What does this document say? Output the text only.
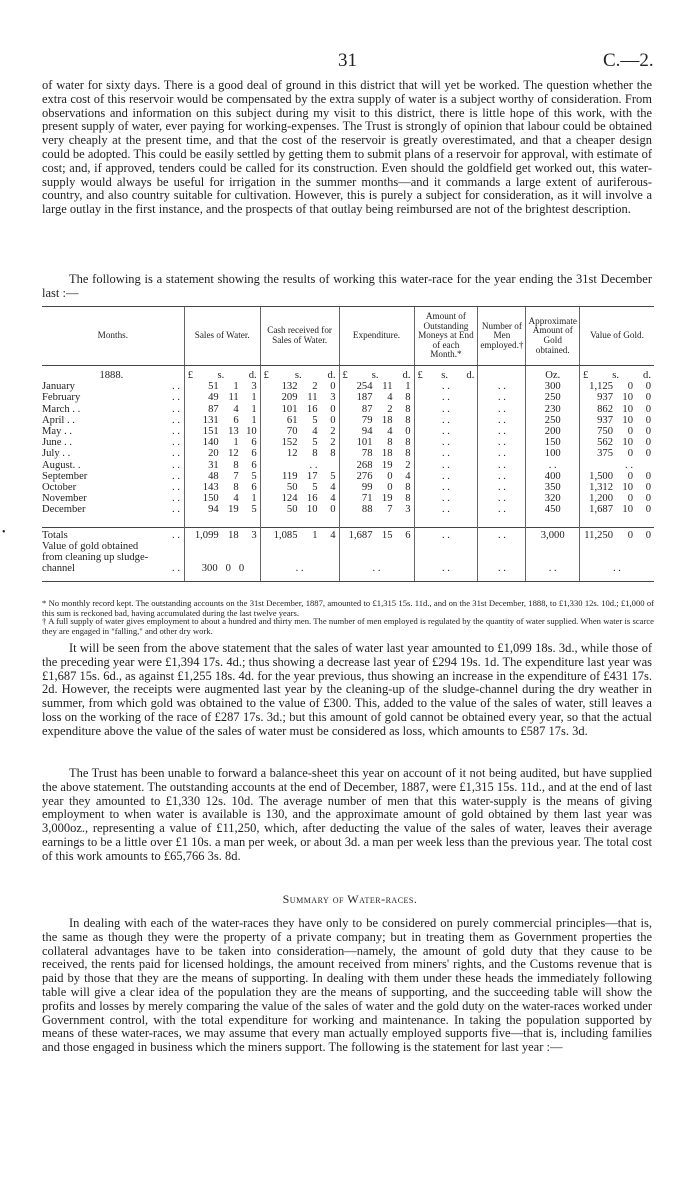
31	C.—2.
of water for sixty days. There is a good deal of ground in this district that will yet be worked. The question whether the extra cost of this reservoir would be compensated by the extra supply of water is a subject worthy of consideration. From observations and information on this subject during my visit to this district, there is little hope of this work, with the present supply of water, ever paying for working-expenses. The Trust is strongly of opinion that labour could be obtained very cheaply at the present time, and that the cost of the reservoir is greatly overestimated, and that a cheaper design could be adopted. This could be easily settled by getting them to submit plans of a reservoir for approval, with estimate of cost; and, if approved, tenders could be called for its construction. Even should the goldfield get worked out, this water-supply would always be useful for irrigation in the summer months—and it commands a large extent of auriferous-country, and also country suitable for cultivation. However, this is purely a subject for consideration, as it will involve a large outlay in the first instance, and the prospects of that outlay being reimbursed are not of the brightest description.
The following is a statement showing the results of working this water-race for the year ending the 31st December last :—
Months.	Sales of Water.	Cash received for Sales of Water.	Expenditure.	Amount of Outstanding Moneys at End of each Month.*	Number of Men employed.†	Approximate Amount of Gold obtained.	Value of Gold.
1888.	£ s. d.	£ s. d.	£ s. d.	£ s. d.		Oz.	£ s. d.

January . .	51 1 3	132 2 0	254 11 1	. .	. .	300	1,125 0 0

February . .	49 11 1	209 11 3	187 4 8	. .	. .	250	937 10 0

March . . . .	87 4 1	101 16 0	87 2 8	. .	. .	230	862 10 0

April . . . .	131 6 1	61 5 0	79 18 8	. .	. .	250	937 10 0

May . . . .	151 13 10	70 4 2	94 4 0	. .	. .	200	750 0 0

June . . . .	140 1 6	152 5 2	101 8 8	. .	. .	150	562 10 0

July . . . .	20 12 6	12 8 8	78 18 8	. .	. .	100	375 0 0

August. . . .	31 8 6	. .	268 19 2	. .	. .	. .	. .

September . .	48 7 5	119 17 5	276 0 4	. .	. .	400	1,500 0 0

October . .	143 8 6	50 5 4	99 0 8	. .	. .	350	1,312 10 0

November . .	150 4 1	124 16 4	71 19 8	. .	. .	320	1,200 0 0

December . .	94 19 5	50 10 0	88 7 3	. .	. .	450	1,687 10 0

Totals . .	1,099 18 3	1,085 1 4	1,687 15 6	. .	. .	3,000	11,250 0 0

Value of gold obtained							
from cleaning up sludge-							

channel . .	300 0 0	. .	. .	. .	. .	. .	. .
* No monthly record kept. The outstanding accounts on the 31st December, 1887, amounted to £1,315 15s. 11d., and on the 31st December, 1888, to £1,330 12s. 10d.; £1,000 of this sum is reckoned bad, having accumulated during the last twelve years.
† A full supply of water gives employment to about a hundred and thirty men. The number of men employed is regulated by the quantity of water supplied. When water is scarce they are engaged in "falling," and other dry work.
It will be seen from the above statement that the sales of water last year amounted to £1,099 18s. 3d., while those of the preceding year were £1,394 17s. 4d.; thus showing a decrease last year of £294 19s. 1d. The expenditure last year was £1,687 15s. 6d., as against £1,255 18s. 4d. for the year previous, thus showing an increase in the expenditure of £431 17s. 2d. However, the receipts were augmented last year by the cleaning-up of the sludge-channel during the dry weather in summer, from which gold was obtained to the value of £300. This, added to the value of the sales of water, still leaves a loss on the working of the race of £287 17s. 3d.; but this amount of gold cannot be obtained every year, so that the actual expenditure above the value of the sales of water must be considered as loss, which amounts to £587 17s. 3d.
The Trust has been unable to forward a balance-sheet this year on account of it not being audited, but have supplied the above statement. The outstanding accounts at the end of December, 1887, were £1,315 15s. 11d., and at the end of last year they amounted to £1,330 12s. 10d. The average number of men that this water-supply is the means of giving employment to when water is available is 130, and the approximate amount of gold obtained by them last year was 3,000oz., representing a value of £11,250, which, after deducting the value of the sales of water, leaves their average earnings to be a little over £1 10s. a man per week, or about 3d. a man per week less than the previous year. The total cost of this work amounts to £65,766 3s. 8d.
Summary of Water-races.
In dealing with each of the water-races they have only to be considered on purely commercial principles—that is, the same as though they were the property of a private company; but in treating them as Government properties the collateral advantages have to be taken into consideration—namely, the amount of gold duty that they cause to be received, the rents paid for licensed holdings, the amount received from miners' rights, and the Customs revenue that is paid by those that they are the means of supporting. In dealing with them under these heads the immediately following table will give a clear idea of the population they are the means of supporting, and the succeeding table will show the profits and losses by merely comparing the value of the sales of water and the gold duty on the water-races worked under Government control, with the total expenditure for working and maintenance. In taking the population supported by means of these water-races, we may assume that every man actually employed supports five—that is, including families and those engaged in business which the miners support. The following is the statement for last year :—
•
